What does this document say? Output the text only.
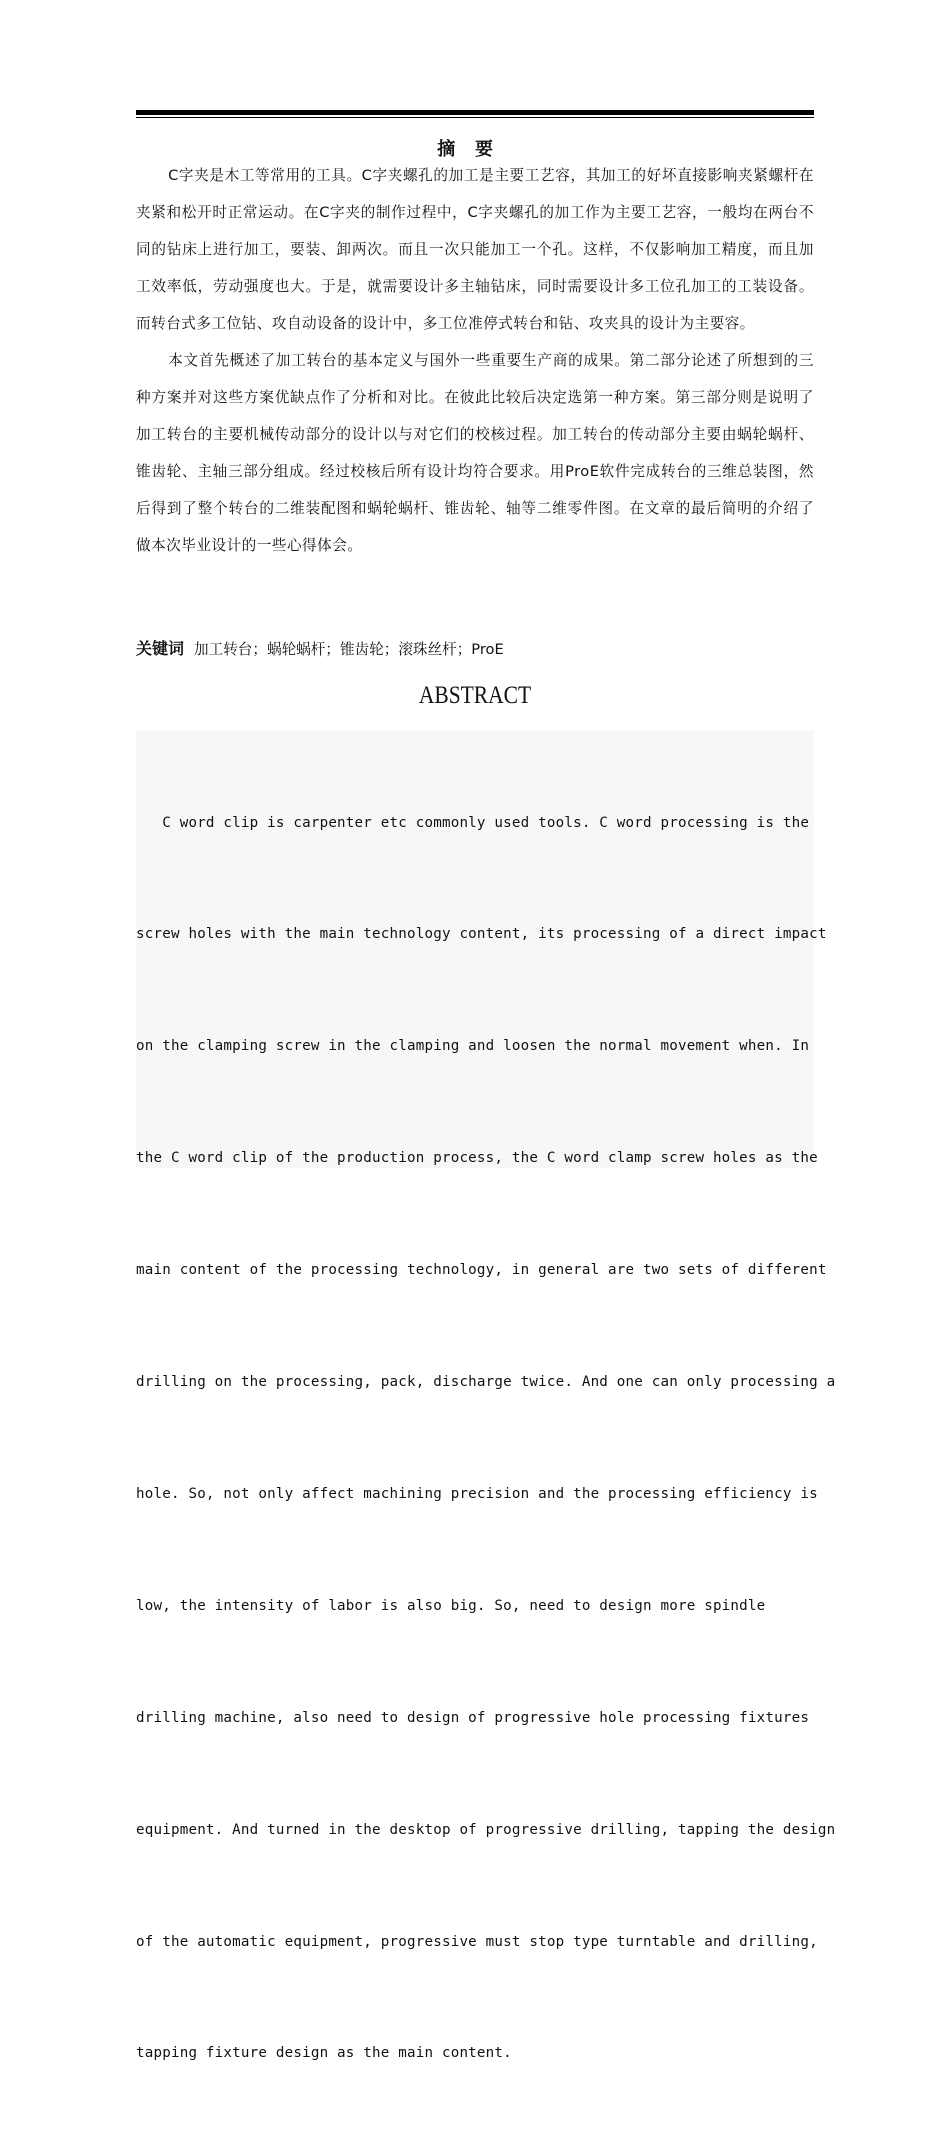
摘要

C字夹是木工等常用的工具。C字夹螺孔的加工是主要工艺容，其加工的好坏直接影响夹紧螺杆在夹紧和松开时正常运动。在C字夹的制作过程中，C字夹螺孔的加工作为主要工艺容，一般均在两台不同的钻床上进行加工，要装、卸两次。而且一次只能加工一个孔。这样，不仅影响加工精度，而且加工效率低，劳动强度也大。于是，就需要设计多主轴钻床，同时需要设计多工位孔加工的工装设备。而转台式多工位钻、攻自动设备的设计中，多工位准停式转台和钻、攻夹具的设计为主要容。

本文首先概述了加工转台的基本定义与国外一些重要生产商的成果。第二部分论述了所想到的三种方案并对这些方案优缺点作了分析和对比。在彼此比较后决定选第一种方案。第三部分则是说明了加工转台的主要机械传动部分的设计以与对它们的校核过程。加工转台的传动部分主要由蜗轮蜗杆、锥齿轮、主轴三部分组成。经过校核后所有设计均符合要求。用ProE软件完成转台的三维总装图，然后得到了整个转台的二维装配图和蜗轮蜗杆、锥齿轮、轴等二维零件图。在文章的最后简明的介绍了做本次毕业设计的一些心得体会。

关键词 加工转台；蜗轮蜗杆；锥齿轮；滚珠丝杆；ProE
ABSTRACT

C word clip is carpenter etc commonly used tools. C word processing is the

screw holes with the main technology content, its processing of a direct impact

on the clamping screw in the clamping and loosen the normal movement when. In

the C word clip of the production process, the C word clamp screw holes as the

main content of the processing technology, in general are two sets of different

drilling on the processing, pack, discharge twice. And one can only processing a

hole. So, not only affect machining precision and the processing efficiency is

low, the intensity of labor is also big. So, need to design more spindle

drilling machine, also need to design of progressive hole processing fixtures

equipment. And turned in the desktop of progressive drilling, tapping the design

of the automatic equipment, progressive must stop type turntable and drilling,

tapping fixture design as the main content.
